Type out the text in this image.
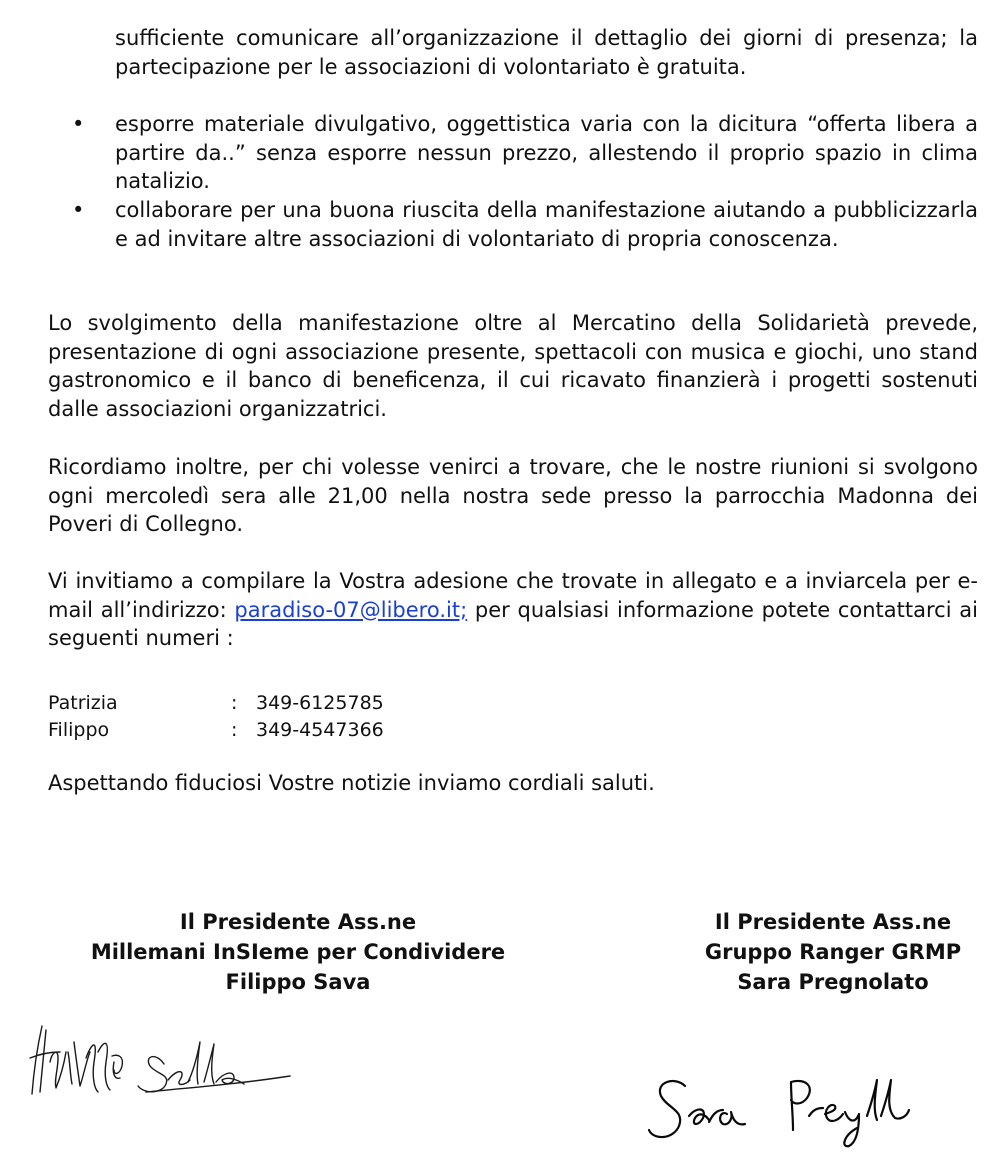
sufficiente comunicare all’organizzazione il dettaglio dei giorni di presenza; la partecipazione per le associazioni di volontariato è gratuita.

• esporre materiale divulgativo, oggettistica varia con la dicitura “offerta libera a partire da..” senza esporre nessun prezzo, allestendo il proprio spazio in clima natalizio.

• collaborare per una buona riuscita della manifestazione aiutando a pubblicizzarla e ad invitare altre associazioni di volontariato di propria conoscenza.

Lo svolgimento della manifestazione oltre al Mercatino della Solidarietà prevede, presentazione di ogni associazione presente, spettacoli con musica e giochi, uno stand gastronomico e il banco di beneficenza, il cui ricavato finanzierà i progetti sostenuti dalle associazioni organizzatrici.

Ricordiamo inoltre, per chi volesse venirci a trovare, che le nostre riunioni si svolgono ogni mercoledì sera alle 21,00 nella nostra sede presso la parrocchia Madonna dei Poveri di Collegno.

Vi invitiamo a compilare la Vostra adesione che trovate in allegato e a inviarcela per e-mail all’indirizzo: paradiso-07@libero.it; per qualsiasi informazione potete contattarci ai seguenti numeri :

Patrizia	: 349-6125785
Filippo	: 349-4547366

Aspettando fiduciosi Vostre notizie inviamo cordiali saluti.

Il Presidente Ass.ne
Millemani InSIeme per Condividere
Filippo Sava
Il Presidente Ass.ne
Gruppo Ranger GRMP
Sara Pregnolato
